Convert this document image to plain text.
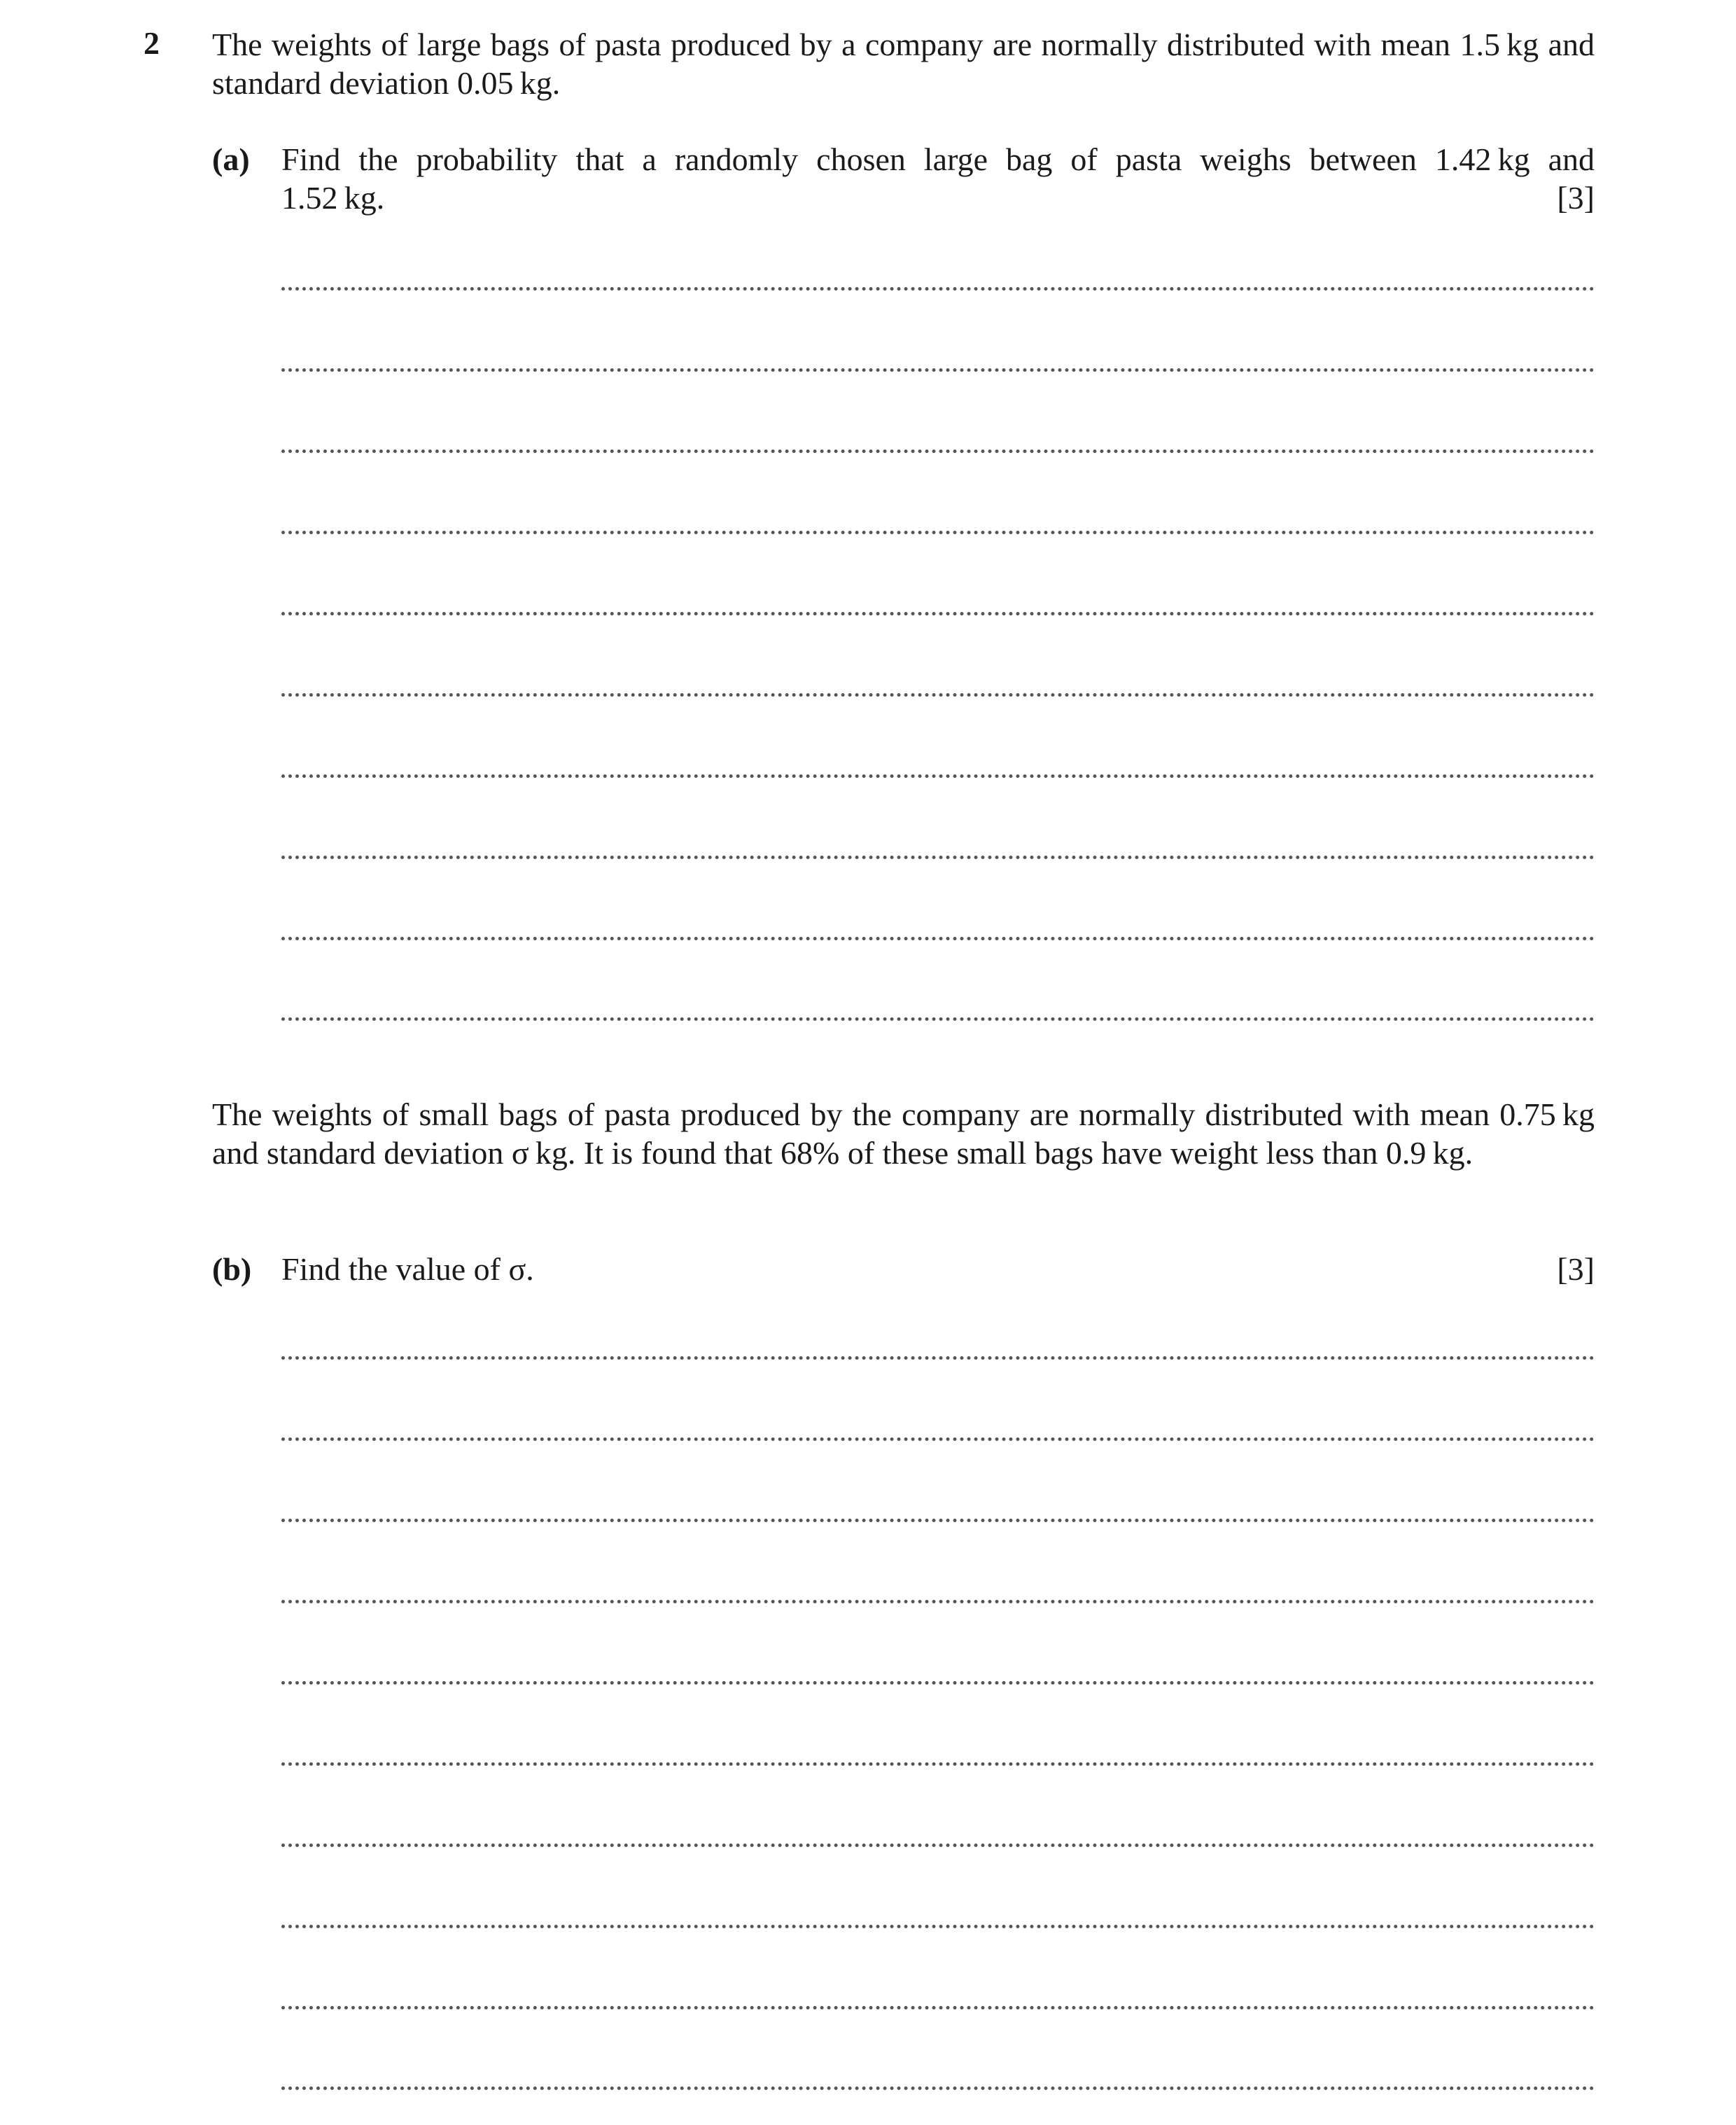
2 The weights of large bags of pasta produced by a company are normally distributed with mean 1.5 kg and standard deviation 0.05 kg.
(a) Find the probability that a randomly chosen large bag of pasta weighs between 1.42 kg and
1.52 kg.	[3]
The weights of small bags of pasta produced by the company are normally distributed with mean 0.75 kg and standard deviation σ kg. It is found that 68% of these small bags have weight less than 0.9 kg.
(b) Find the value of σ.	[3]
